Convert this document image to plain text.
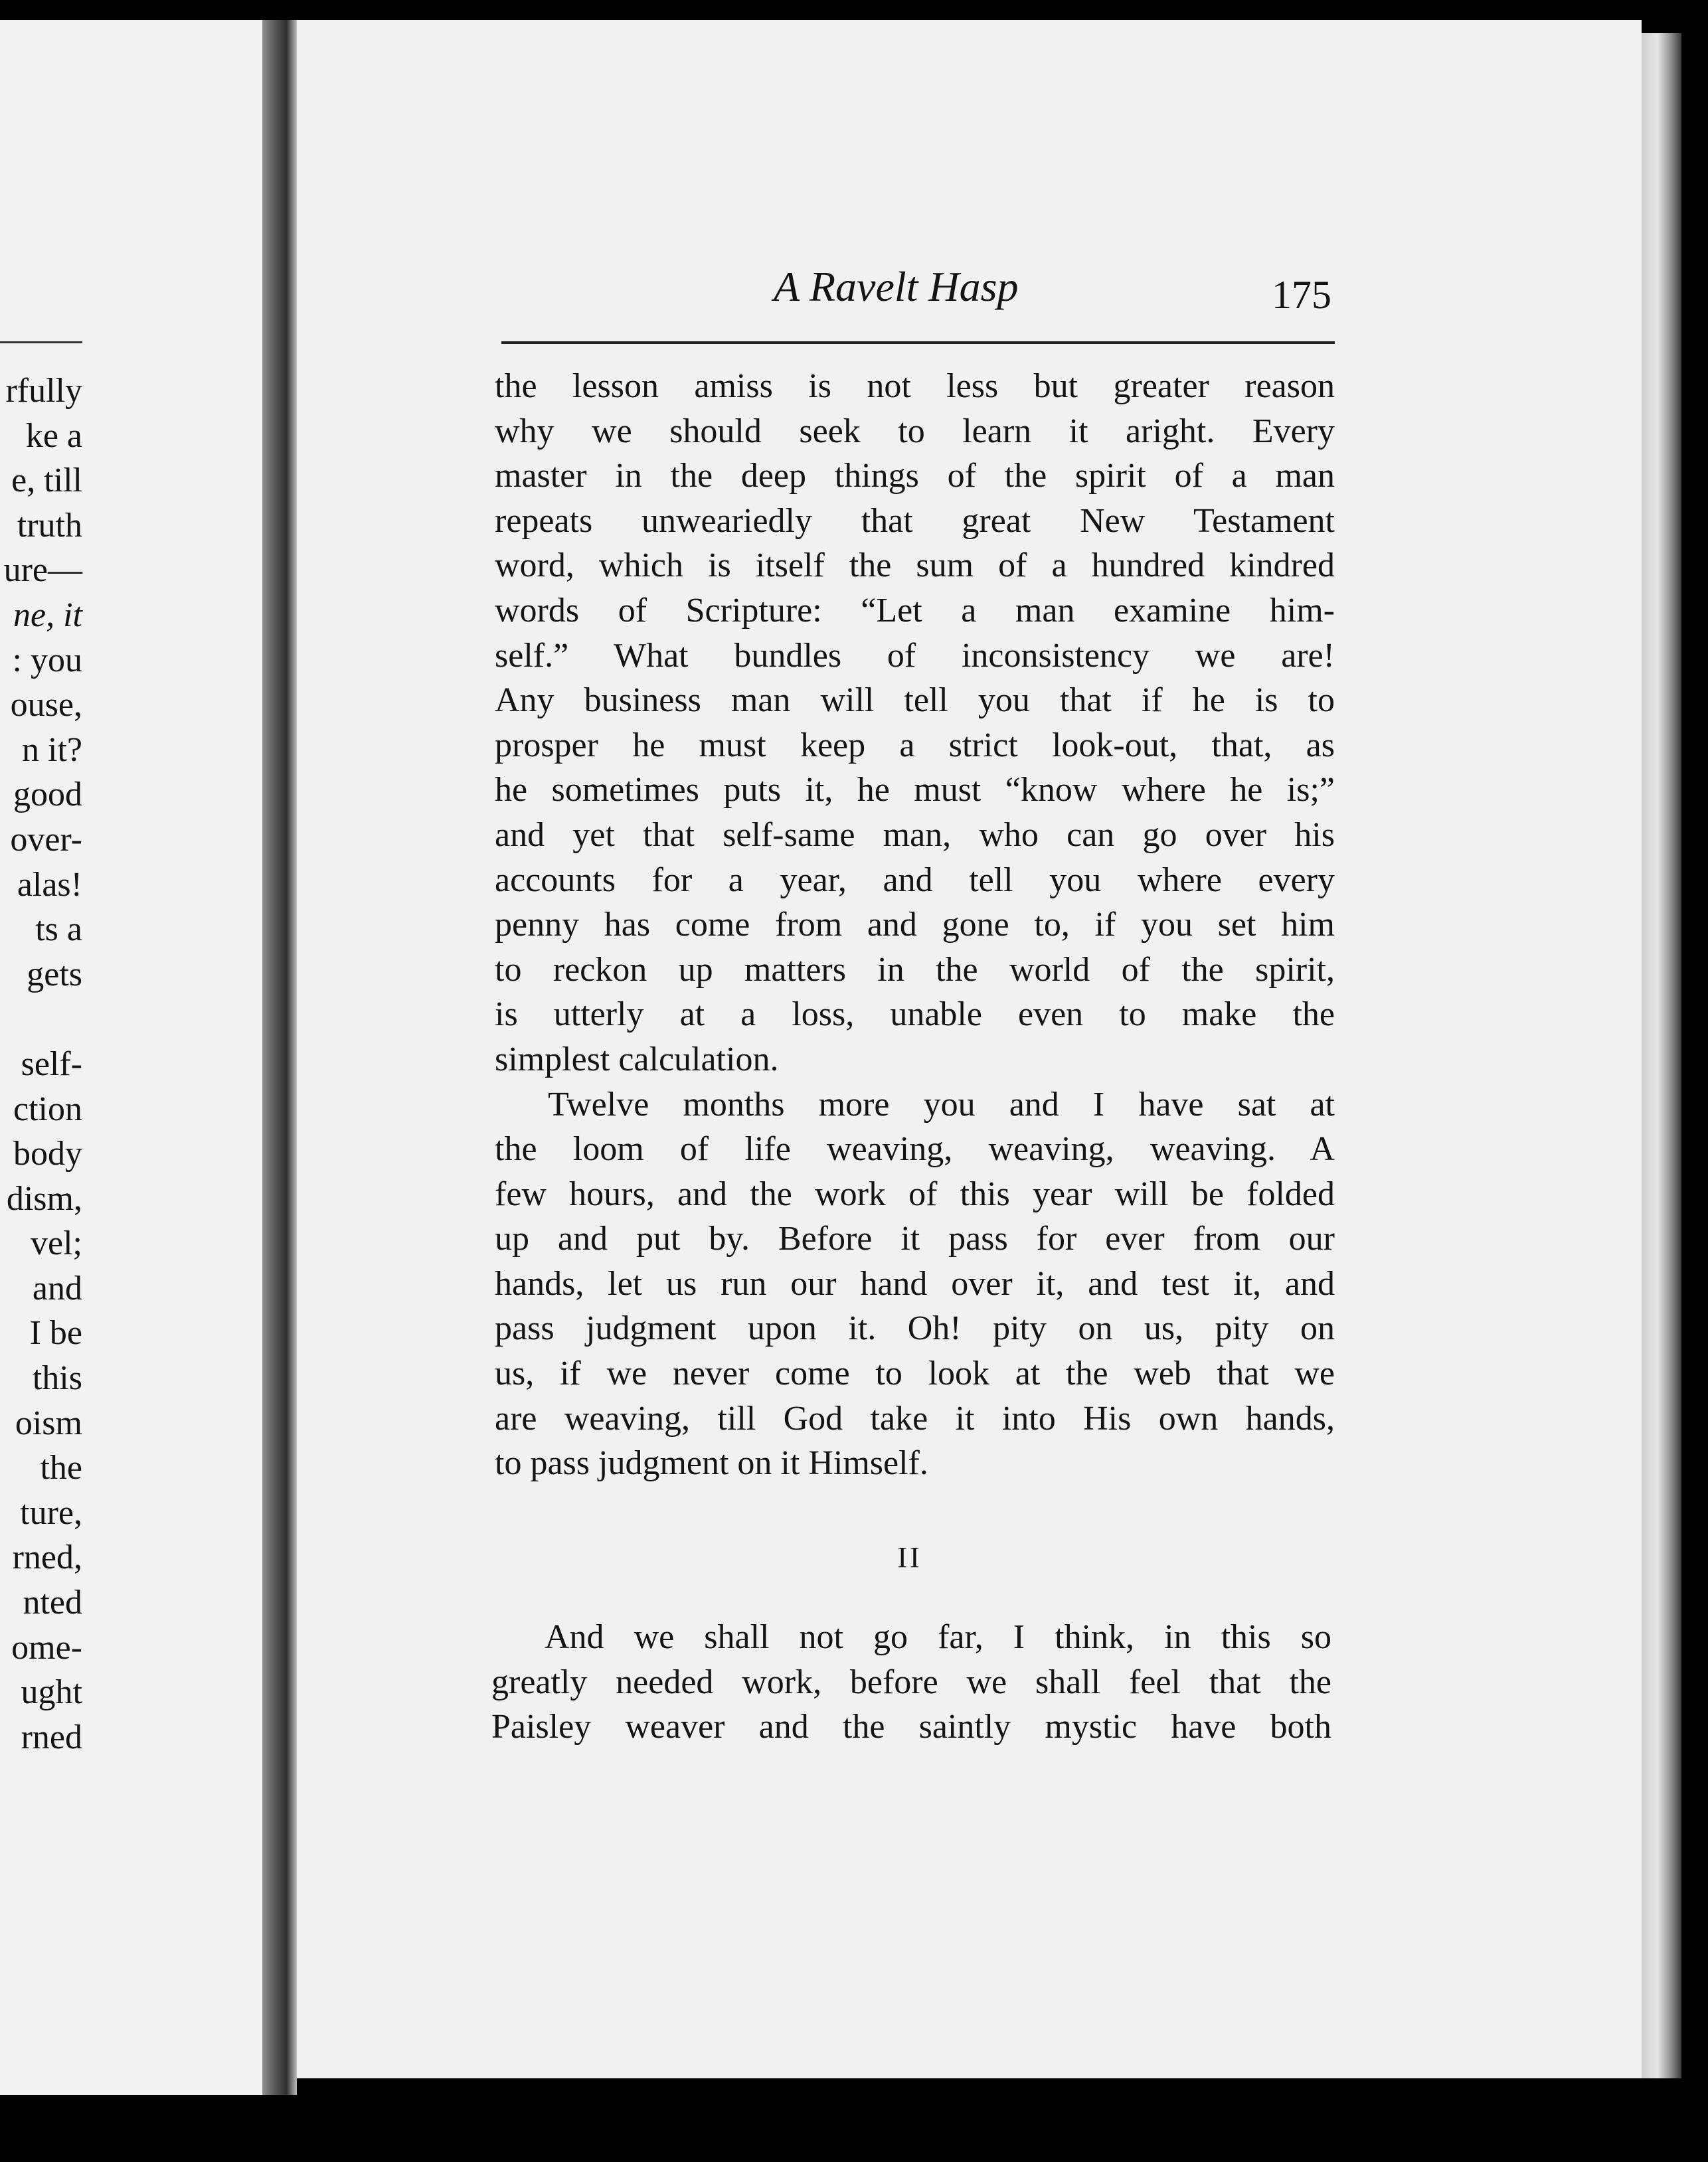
rfully
ke a
e, till
truth
ure—
ne, it
: you
ouse,
n it?
good
over-
alas!
ts a
gets
self-
ction
body
dism,
vel;
and
I be
this
oism
the
ture,
rned,
nted
ome-
ught
rned
A Ravelt Hasp	175
the lesson amiss is not less but greater reason
why we should seek to learn it aright. Every
master in the deep things of the spirit of a man
repeats unweariedly that great New Testament
word, which is itself the sum of a hundred kindred
words of Scripture: “Let a man examine him-
self.” What bundles of inconsistency we are!
Any business man will tell you that if he is to
prosper he must keep a strict look-out, that, as
he sometimes puts it, he must “know where he is;”
and yet that self-same man, who can go over his
accounts for a year, and tell you where every
penny has come from and gone to, if you set him
to reckon up matters in the world of the spirit,
is utterly at a loss, unable even to make the
simplest calculation.
Twelve months more you and I have sat at
the loom of life weaving, weaving, weaving. A
few hours, and the work of this year will be folded
up and put by. Before it pass for ever from our
hands, let us run our hand over it, and test it, and
pass judgment upon it. Oh! pity on us, pity on
us, if we never come to look at the web that we
are weaving, till God take it into His own hands,
to pass judgment on it Himself.
II
And we shall not go far, I think, in this so
greatly needed work, before we shall feel that the
Paisley weaver and the saintly mystic have both
